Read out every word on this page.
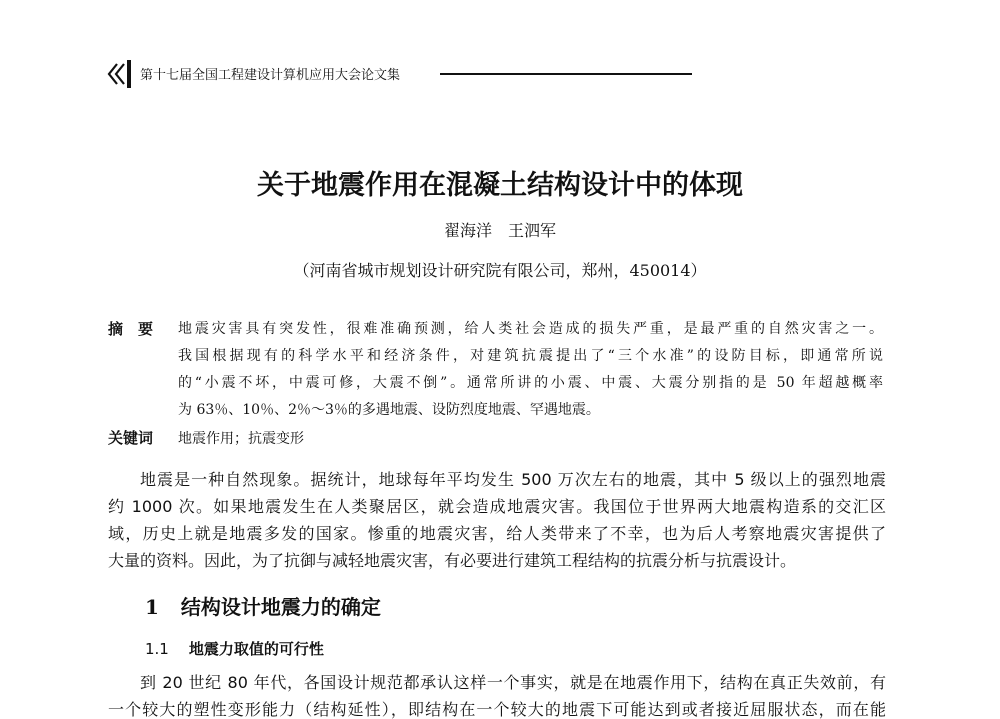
第十七届全国工程建设计算机应用大会论文集
关于地震作用在混凝土结构设计中的体现
翟海洋　王泗军
（河南省城市规划设计研究院有限公司，郑州，450014）
摘　要 地震灾害具有突发性，很难准确预测，给人类社会造成的损失严重，是最严重的自然灾害之一。
我国根据现有的科学水平和经济条件，对建筑抗震提出了“三个水准”的设防目标，即通常所说
的“小震不坏，中震可修，大震不倒”。通常所讲的小震、中震、大震分别指的是 50 年超越概率
为 63％、10％、2％～3％的多遇地震、设防烈度地震、罕遇地震。
关键词 地震作用；抗震变形
地震是一种自然现象。据统计，地球每年平均发生 500 万次左右的地震，其中 5 级以上的强烈地震
约 1000 次。如果地震发生在人类聚居区，就会造成地震灾害。我国位于世界两大地震构造系的交汇区
域，历史上就是地震多发的国家。惨重的地震灾害，给人类带来了不幸，也为后人考察地震灾害提供了
大量的资料。因此，为了抗御与减轻地震灾害，有必要进行建筑工程结构的抗震分析与抗震设计。
1 结构设计地震力的确定
1.1 地震力取值的可行性
到 20 世纪 80 年代，各国设计规范都承认这样一个事实，就是在地震作用下，结构在真正失效前，有
一个较大的塑性变形能力（结构延性），即结构在一个较大的地震下可能达到或者接近屈服状态，而在能
